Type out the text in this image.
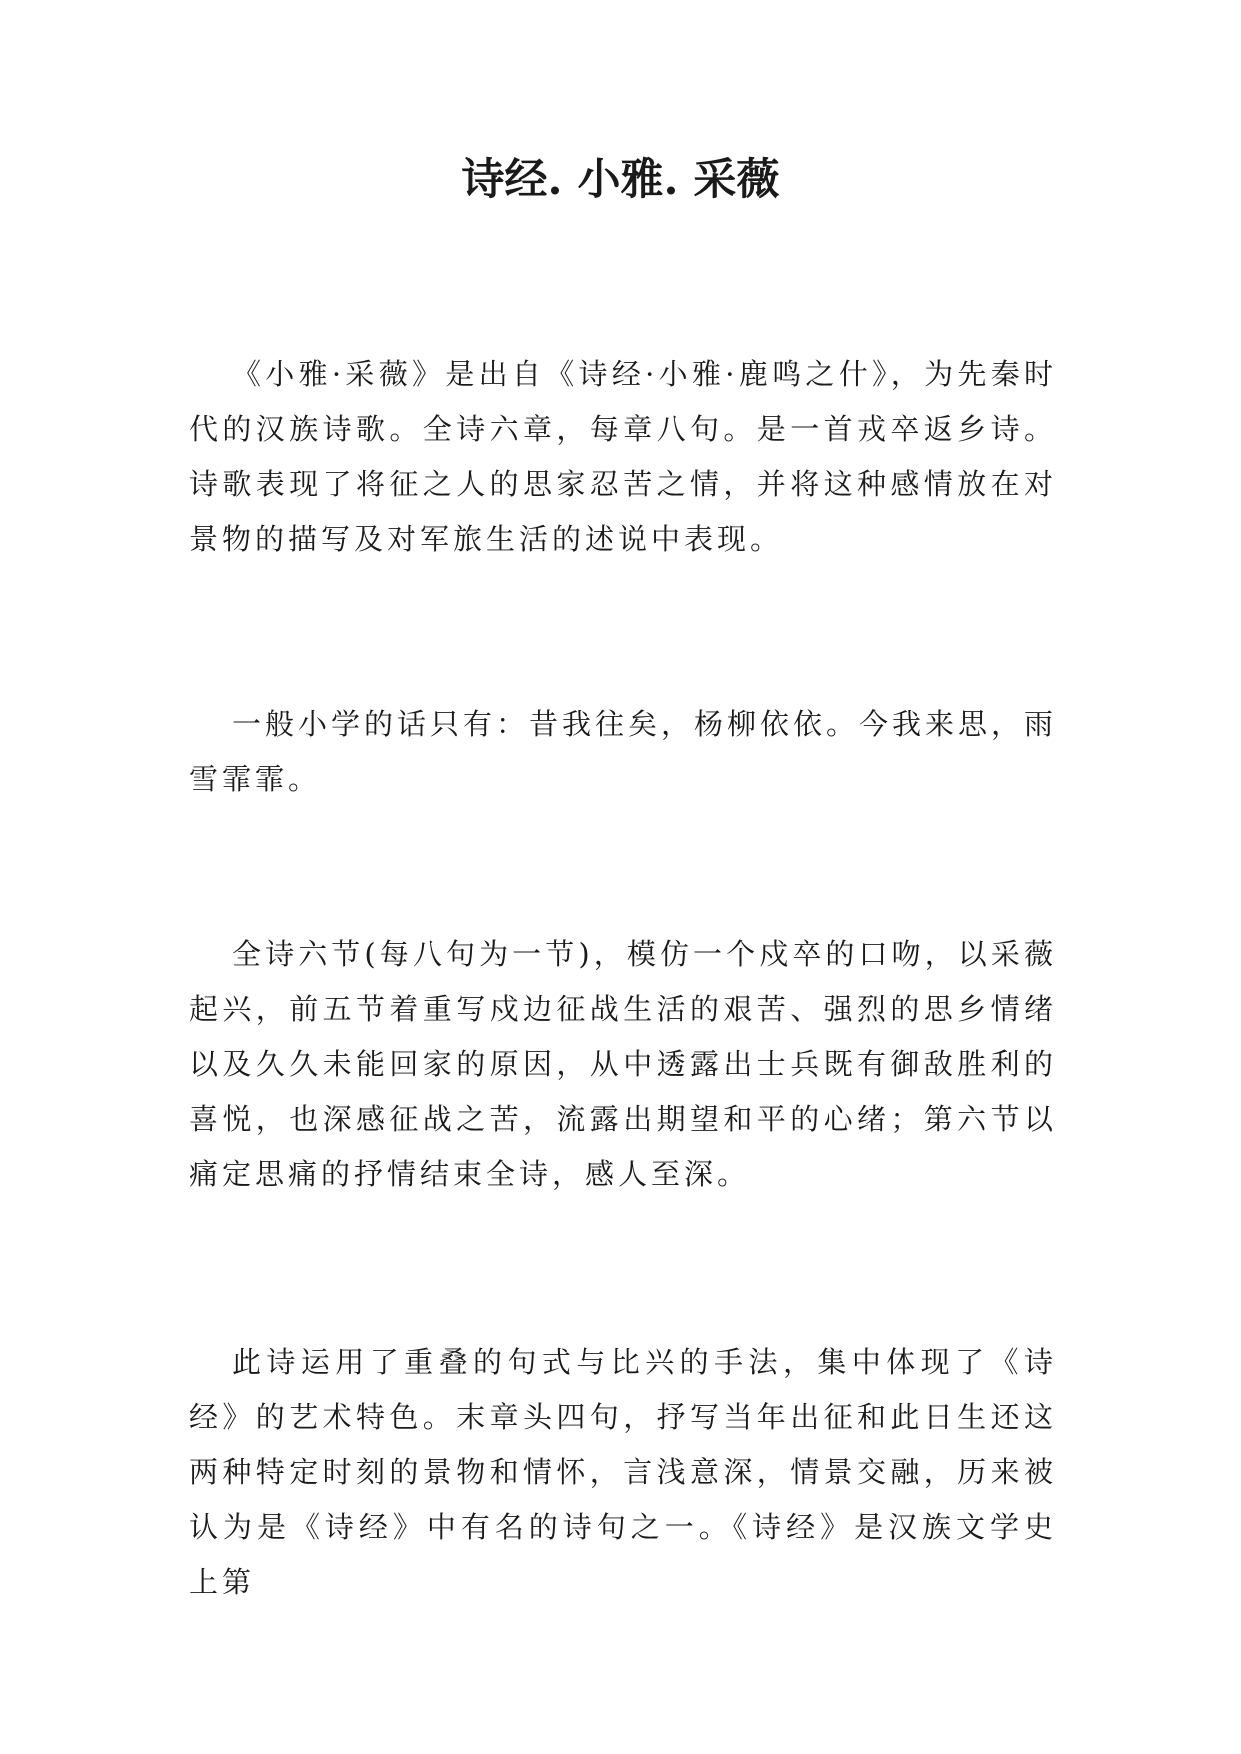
诗经. 小雅. 采薇

《小雅·采薇》是出自《诗经·小雅·鹿鸣之什》，为先秦时代的汉族诗歌。全诗六章，每章八句。是一首戎卒返乡诗。诗歌表现了将征之人的思家忍苦之情，并将这种感情放在对景物的描写及对军旅生活的述说中表现。

一般小学的话只有：昔我往矣，杨柳依依。今我来思，雨雪霏霏。

全诗六节(每八句为一节)，模仿一个戍卒的口吻，以采薇起兴，前五节着重写戍边征战生活的艰苦、强烈的思乡情绪以及久久未能回家的原因，从中透露出士兵既有御敌胜利的喜悦，也深感征战之苦，流露出期望和平的心绪；第六节以痛定思痛的抒情结束全诗，感人至深。

此诗运用了重叠的句式与比兴的手法，集中体现了《诗经》的艺术特色。末章头四句，抒写当年出征和此日生还这两种特定时刻的景物和情怀，言浅意深，情景交融，历来被认为是《诗经》中有名的诗句之一。《诗经》是汉族文学史上第
